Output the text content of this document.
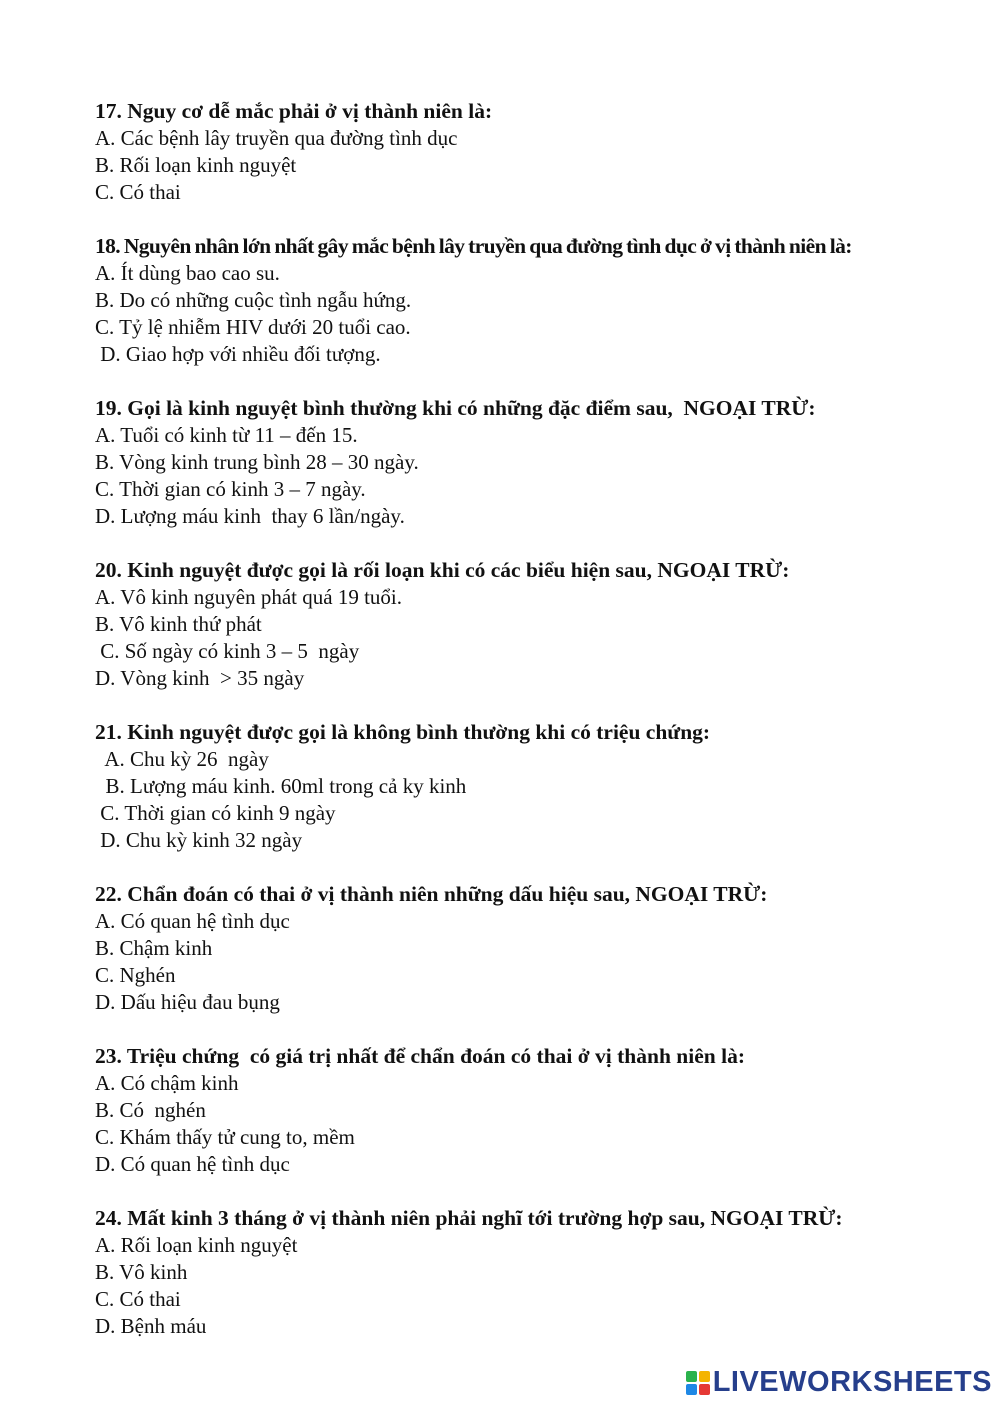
17. Nguy cơ dễ mắc phải ở vị thành niên là:
A. Các bệnh lây truyền qua đường tình dục
B. Rối loạn kinh nguyệt
C. Có thai
18. Nguyên nhân lớn nhất gây mắc bệnh lây truyền qua đường tình dục ở vị thành niên là:
A. Ít dùng bao cao su.
B. Do có những cuộc tình ngẫu hứng.
C. Tỷ lệ nhiễm HIV dưới 20 tuổi cao.
D. Giao hợp với nhiều đối tượng.
19. Gọi là kinh nguyệt bình thường khi có những đặc điểm sau,  NGOẠI TRỪ:
A. Tuổi có kinh từ 11 – đến 15.
B. Vòng kinh trung bình 28 – 30 ngày.
C. Thời gian có kinh 3 – 7 ngày.
D. Lượng máu kinh  thay 6 lần/ngày.
20. Kinh nguyệt được gọi là rối loạn khi có các biểu hiện sau, NGOẠI TRỪ:
A. Vô kinh nguyên phát quá 19 tuổi.
B. Vô kinh thứ phát
C. Số ngày có kinh 3 – 5  ngày
D. Vòng kinh  > 35 ngày
21. Kinh nguyệt được gọi là không bình thường khi có triệu chứng:
A. Chu kỳ 26  ngày
B. Lượng máu kinh. 60ml trong cả ky kinh
C. Thời gian có kinh 9 ngày
D. Chu kỳ kinh 32 ngày
22. Chẩn đoán có thai ở vị thành niên những dấu hiệu sau, NGOẠI TRỪ:
A. Có quan hệ tình dục
B. Chậm kinh
C. Nghén
D. Dấu hiệu đau bụng
23. Triệu chứng  có giá trị nhất để chẩn đoán có thai ở vị thành niên là:
A. Có chậm kinh
B. Có  nghén
C. Khám thấy tử cung to, mềm
D. Có quan hệ tình dục
24. Mất kinh 3 tháng ở vị thành niên phải nghĩ tới trường hợp sau, NGOẠI TRỪ:
A. Rối loạn kinh nguyệt
B. Vô kinh
C. Có thai
D. Bệnh máu
LIVEWORKSHEETS
